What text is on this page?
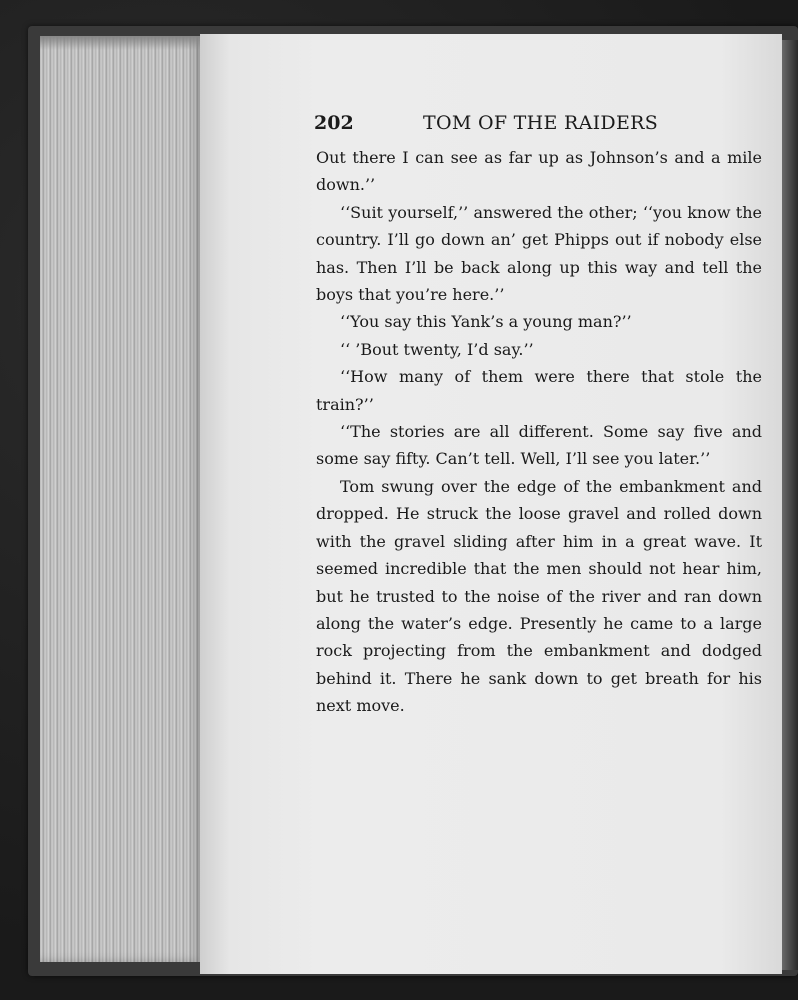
202	TOM OF THE RAIDERS

Out there I can see as far up as Johnson’s and a mile down.’’

‘‘Suit yourself,’’ answered the other; ‘‘you know the country. I’ll go down an’ get Phipps out if nobody else has. Then I’ll be back along up this way and tell the boys that you’re here.’’

‘‘You say this Yank’s a young man?’’

‘‘ ’Bout twenty, I’d say.’’

‘‘How many of them were there that stole the train?’’

‘‘The stories are all different. Some say five and some say fifty. Can’t tell. Well, I’ll see you later.’’

Tom swung over the edge of the embankment and dropped. He struck the loose gravel and rolled down with the gravel sliding after him in a great wave. It seemed incredible that the men should not hear him, but he trusted to the noise of the river and ran down along the water’s edge. Presently he came to a large rock projecting from the embankment and dodged behind it. There he sank down to get breath for his next move.
